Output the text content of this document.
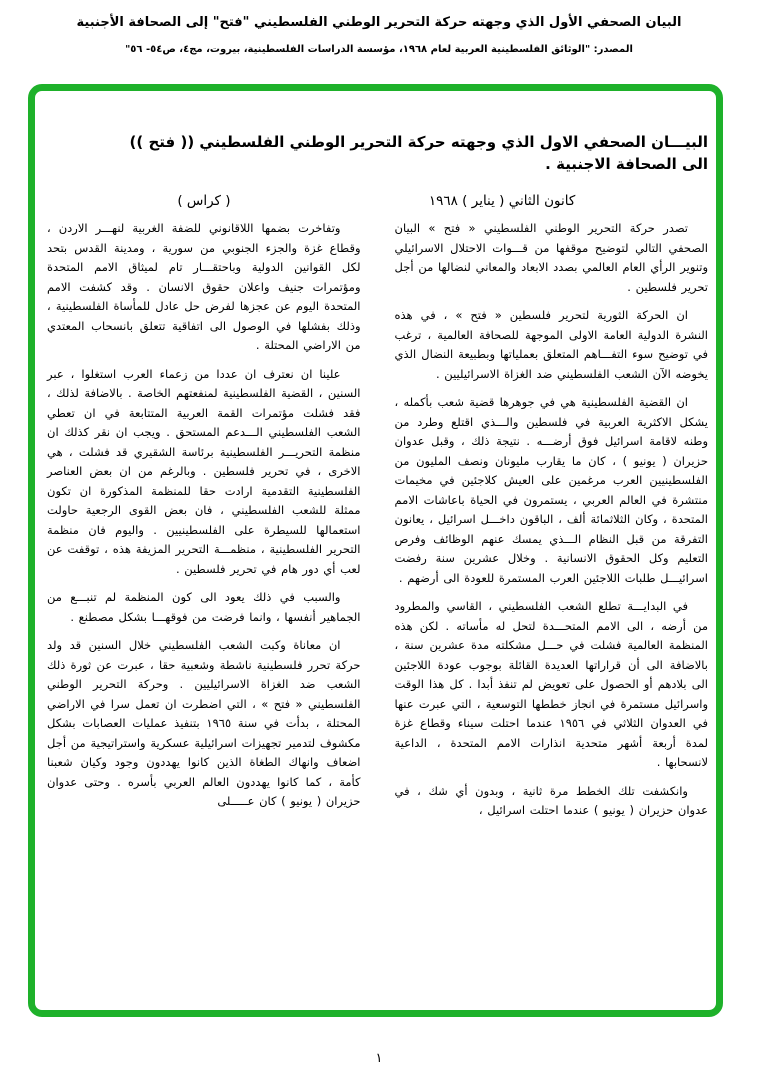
البيان الصحفي الأول الذي وجهته حركة التحرير الوطني الفلسطيني "فتح" إلى الصحافة الأجنبية
المصدر: "الوثائق الفلسطينية العربية لعام ١٩٦٨، مؤسسة الدراسات الفلسطينية، بيروت، مج٤، ص٥٤- ٥٦"
البيـــان الصحفي الاول الذي وجهته حركة التحرير الوطني الفلسطيني (( فتح ))
الى الصحافة الاجنبية .
كانون الثاني ( يناير ) ١٩٦٨
( كراس )

تصدر حركة التحرير الوطني الفلسطيني « فتح » البيان الصحفي التالي لتوضيح موقفها من قـــوات الاحتلال الاسرائيلي وتنوير الرأي العام العالمي بصدد الابعاد والمعاني لنضالها من أجل تحرير فلسطين .

ان الحركة الثورية لتحرير فلسطين « فتح » ، في هذه النشرة الدولية العامة الاولى الموجهة للصحافة العالمية ، ترغب في توضيح سوء التفـــاهم المتعلق بعملياتها وبطبيعة النضال الذي يخوضه الآن الشعب الفلسطيني ضد الغزاة الاسرائيليين .

ان القضية الفلسطينية هي في جوهرها قضية شعب بأكمله ، يشكل الاكثرية العربية في فلسطين والـــذي اقتلع وطرد من وطنه لاقامة اسرائيل فوق أرضـــه . نتيجة ذلك ، وقبل عدوان حزيران ( يونيو ) ، كان ما يقارب مليونان ونصف المليون من الفلسطينيين العرب مرغمين على العيش كلاجئين في مخيمات منتشرة في العالم العربي ، يستمرون في الحياة باعاشات الامم المتحدة ، وكان الثلاثمائة ألف ، الباقون داخـــل اسرائيل ، يعانون التفرقة من قبل النظام الـــذي يمسك عنهم الوظائف وفرص التعليم وكل الحقوق الانسانية . وخلال عشرين سنة رفضت اسرائيـــل طلبات اللاجئين العرب المستمرة للعودة الى أرضهم .

في البدايـــة تطلع الشعب الفلسطيني ، القاسي والمطرود من أرضه ، الى الامم المتحـــدة لتحل له مأساته . لكن هذه المنظمة العالمية فشلت في حـــل مشكلته مدة عشرين سنة ، بالاضافة الى أن قراراتها العديدة القائلة بوجوب عودة اللاجئين الى بلادهم أو الحصول على تعويض لم تنفذ أبدا . كل هذا الوقت واسرائيل مستمرة في انجاز خططها التوسعية ، التي عبرت عنها في العدوان الثلاثي في ١٩٥٦ عندما احتلت سيناء وقطاع غزة لمدة أربعة أشهر متحدية انذارات الامم المتحدة ، الداعية لانسحابها .

وانكشفت تلك الخطط مرة ثانية ، وبدون أي شك ، في عدوان حزيران ( يونيو ) عندما احتلت اسرائيل ،

وتفاخرت بضمها اللاقانوني للضفة الغربية لنهـــر الاردن ، وقطاع غزة والجزء الجنوبي من سورية ، ومدينة القدس بتحد لكل القوانين الدولية وباحتقـــار تام لميثاق الامم المتحدة ومؤتمرات جنيف واعلان حقوق الانسان . وقد كشفت الامم المتحدة اليوم عن عجزها لفرض حل عادل للمأساة الفلسطينية ، وذلك بفشلها في الوصول الى اتفاقية تتعلق بانسحاب المعتدي من الاراضي المحتلة .

علينا ان نعترف ان عددا من زعماء العرب استغلوا ، عبر السنين ، القضية الفلسطينية لمنفعتهم الخاصة . بالاضافة لذلك ، فقد فشلت مؤتمرات القمة العربية المتتابعة في ان تعطي الشعب الفلسطيني الـــدعم المستحق . ويجب ان نقر كذلك ان منظمة التحريـــر الفلسطينية برئاسة الشقيري قد فشلت ، هي الاخرى ، في تحرير فلسطين . وبالرغم من ان بعض العناصر الفلسطينية التقدمية ارادت حقا للمنظمة المذكورة ان تكون ممثلة للشعب الفلسطيني ، فان بعض القوى الرجعية حاولت استعمالها للسيطرة على الفلسطينيين . واليوم فان منظمة التحرير الفلسطينية ، منظمـــة التحرير المزيفة هذه ، توقفت عن لعب أي دور هام في تحرير فلسطين .

والسبب في ذلك يعود الى كون المنظمة لم تنبـــع من الجماهير أنفسها ، وانما فرضت من فوقهـــا بشكل مصطنع .

ان معاناة وكبت الشعب الفلسطيني خلال السنين قد ولد حركة تحرر فلسطينية ناشطة وشعبية حقا ، عبرت عن ثورة ذلك الشعب ضد الغزاة الاسرائيليين . وحركة التحرير الوطني الفلسطيني « فتح » ، التي اضطرت ان تعمل سرا في الاراضي المحتلة ، بدأت في سنة ١٩٦٥ بتنفيذ عمليات العصابات بشكل مكشوف لتدمير تجهيزات اسرائيلية عسكرية واستراتيجية من أجل اضعاف وانهاك الطغاة الذين كانوا يهددون وجود وكيان شعبنا كأمة ، كما كانوا يهددون العالم العربي بأسره . وحتى عدوان حزيران ( يونيو ) كان عـــــلى

١
